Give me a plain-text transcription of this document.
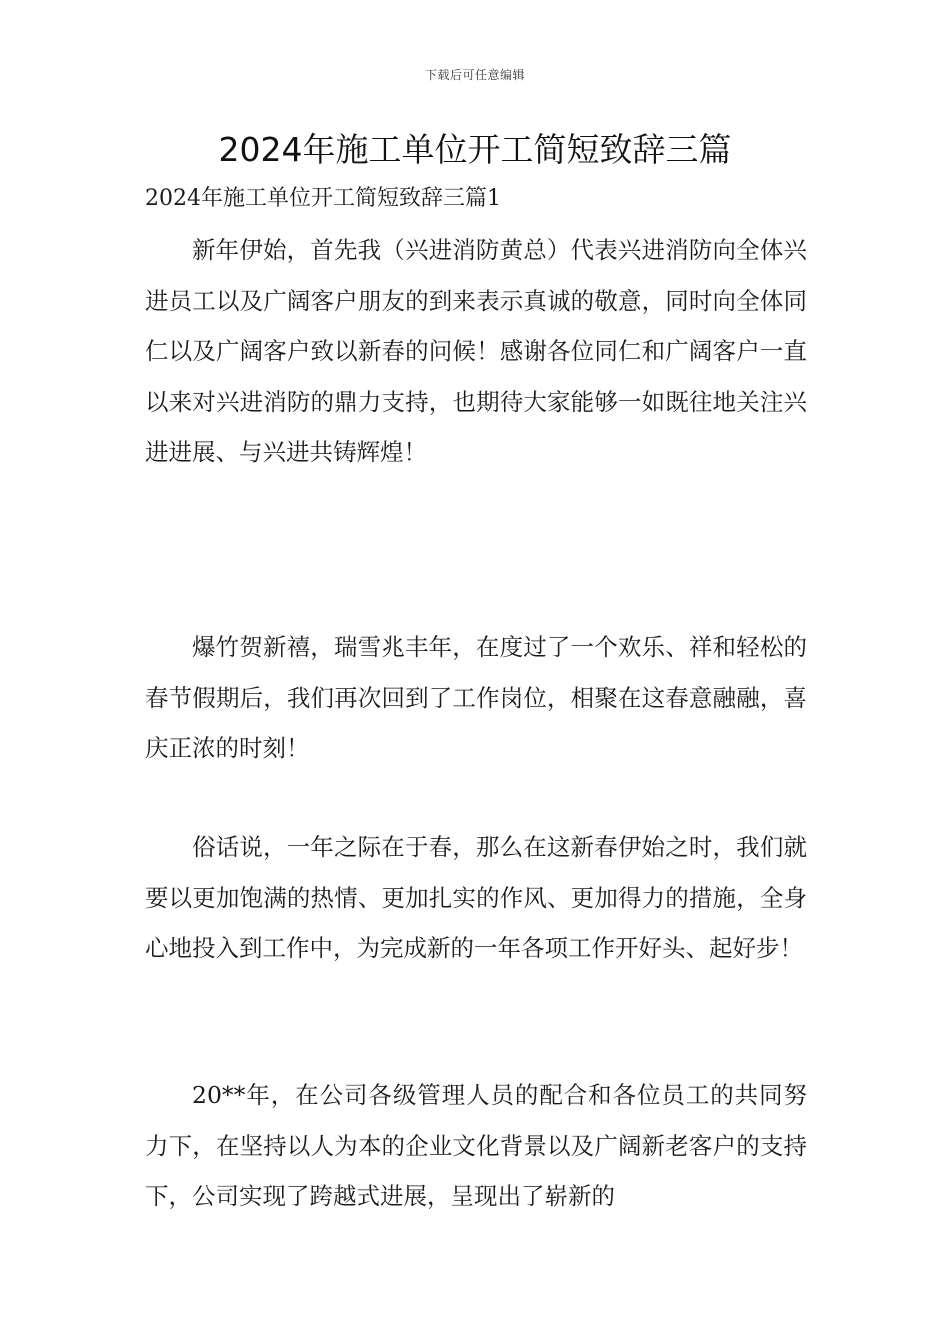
下载后可任意编辑
2024年施工单位开工简短致辞三篇
2024年施工单位开工简短致辞三篇1

新年伊始，首先我（兴进消防黄总）代表兴进消防向全体兴进员工以及广阔客户朋友的到来表示真诚的敬意，同时向全体同仁以及广阔客户致以新春的问候！感谢各位同仁和广阔客户一直以来对兴进消防的鼎力支持，也期待大家能够一如既往地关注兴进进展、与兴进共铸辉煌！

爆竹贺新禧，瑞雪兆丰年，在度过了一个欢乐、祥和轻松的春节假期后，我们再次回到了工作岗位，相聚在这春意融融，喜庆正浓的时刻！

俗话说，一年之际在于春，那么在这新春伊始之时，我们就要以更加饱满的热情、更加扎实的作风、更加得力的措施，全身心地投入到工作中，为完成新的一年各项工作开好头、起好步！

20**年，在公司各级管理人员的配合和各位员工的共同努力下，在坚持以人为本的企业文化背景以及广阔新老客户的支持下，公司实现了跨越式进展，呈现出了崭新的
